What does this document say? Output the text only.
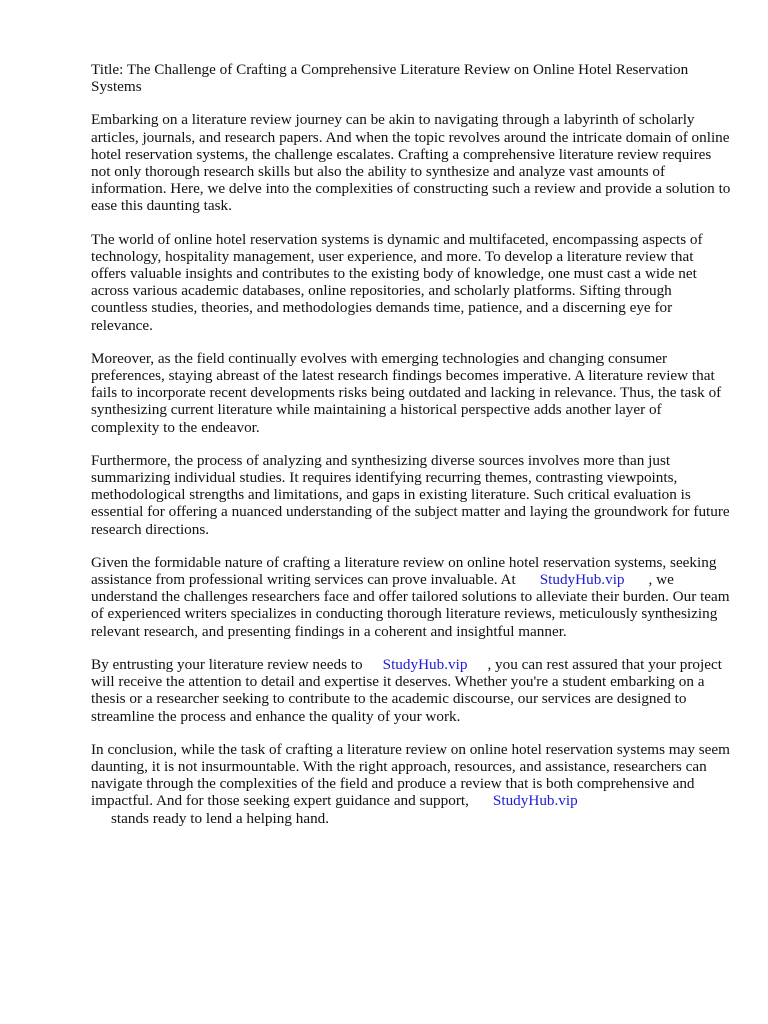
Title: The Challenge of Crafting a Comprehensive Literature Review on Online Hotel Reservation Systems

Embarking on a literature review journey can be akin to navigating through a labyrinth of scholarly articles, journals, and research papers. And when the topic revolves around the intricate domain of online hotel reservation systems, the challenge escalates. Crafting a comprehensive literature review requires not only thorough research skills but also the ability to synthesize and analyze vast amounts of information. Here, we delve into the complexities of constructing such a review and provide a solution to ease this daunting task.

The world of online hotel reservation systems is dynamic and multifaceted, encompassing aspects of technology, hospitality management, user experience, and more. To develop a literature review that offers valuable insights and contributes to the existing body of knowledge, one must cast a wide net across various academic databases, online repositories, and scholarly platforms. Sifting through countless studies, theories, and methodologies demands time, patience, and a discerning eye for relevance.

Moreover, as the field continually evolves with emerging technologies and changing consumer preferences, staying abreast of the latest research findings becomes imperative. A literature review that fails to incorporate recent developments risks being outdated and lacking in relevance. Thus, the task of synthesizing current literature while maintaining a historical perspective adds another layer of complexity to the endeavor.

Furthermore, the process of analyzing and synthesizing diverse sources involves more than just summarizing individual studies. It requires identifying recurring themes, contrasting viewpoints, methodological strengths and limitations, and gaps in existing literature. Such critical evaluation is essential for offering a nuanced understanding of the subject matter and laying the groundwork for future research directions.

Given the formidable nature of crafting a literature review on online hotel reservation systems, seeking assistance from professional writing services can prove invaluable. At StudyHub.vip , we understand the challenges researchers face and offer tailored solutions to alleviate their burden. Our team of experienced writers specializes in conducting thorough literature reviews, meticulously synthesizing relevant research, and presenting findings in a coherent and insightful manner.

By entrusting your literature review needs to StudyHub.vip , you can rest assured that your project will receive the attention to detail and expertise it deserves. Whether you're a student embarking on a thesis or a researcher seeking to contribute to the academic discourse, our services are designed to streamline the process and enhance the quality of your work.

In conclusion, while the task of crafting a literature review on online hotel reservation systems may seem daunting, it is not insurmountable. With the right approach, resources, and assistance, researchers can navigate through the complexities of the field and produce a review that is both comprehensive and impactful. And for those seeking expert guidance and support, StudyHub.vip
stands ready to lend a helping hand.
